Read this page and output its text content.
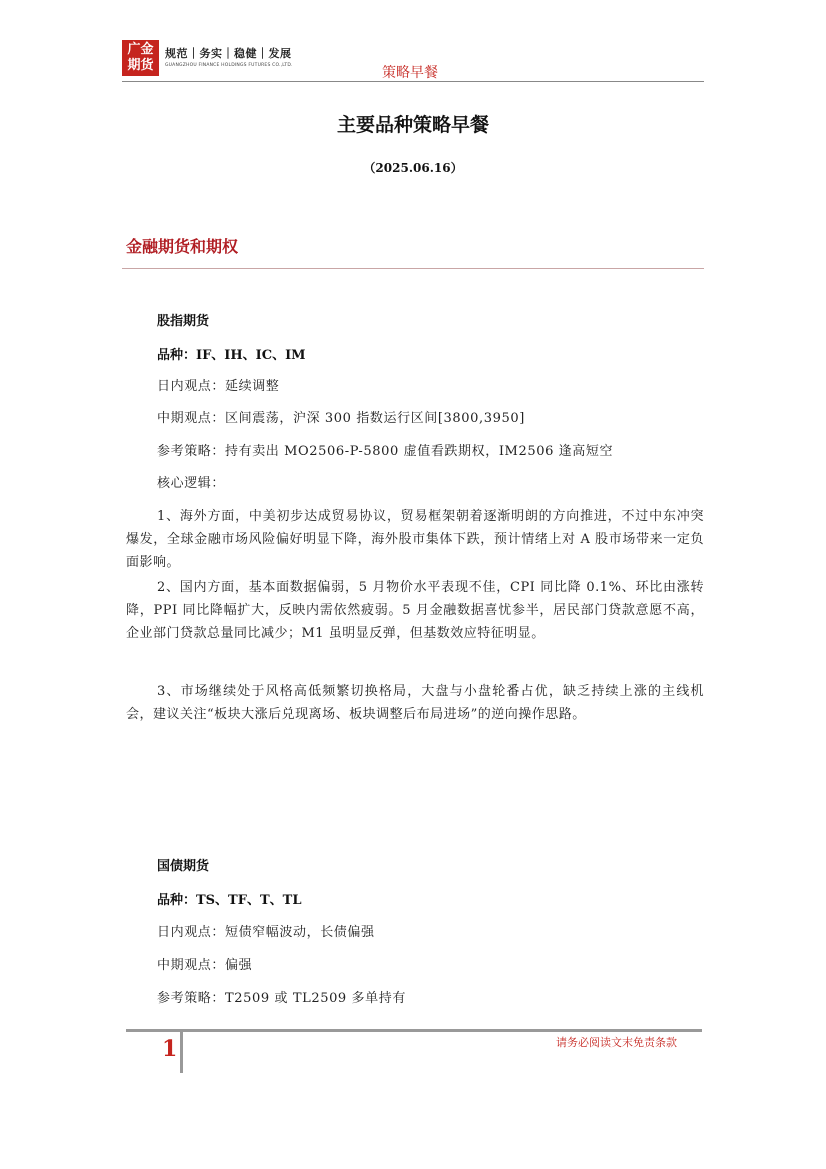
广金
期货
规范｜务实｜稳健｜发展
GUANGZHOU FINANCE HOLDINGS FUTURES CO.,LTD.	策略早餐
主要品种策略早餐
（2025.06.16）
金融期货和期权
股指期货
品种：IF、IH、IC、IM
日内观点：延续调整
中期观点：区间震荡，沪深 300 指数运行区间[3800,3950]
参考策略：持有卖出 MO2506-P-5800 虚值看跌期权，IM2506 逢高短空
核心逻辑：
1、海外方面，中美初步达成贸易协议，贸易框架朝着逐渐明朗的方向推进，不过中东冲突爆发，全球金融市场风险偏好明显下降，海外股市集体下跌，预计情绪上对 A 股市场带来一定负面影响。
2、国内方面，基本面数据偏弱，5 月物价水平表现不佳，CPI 同比降 0.1%、环比由涨转降，PPI 同比降幅扩大，反映内需依然疲弱。5 月金融数据喜忧参半，居民部门贷款意愿不高，企业部门贷款总量同比减少；M1 虽明显反弹，但基数效应特征明显。
3、市场继续处于风格高低频繁切换格局，大盘与小盘轮番占优，缺乏持续上涨的主线机会，建议关注“板块大涨后兑现离场、板块调整后布局进场”的逆向操作思路。
国债期货
品种：TS、TF、T、TL
日内观点：短债窄幅波动，长债偏强
中期观点：偏强
参考策略：T2509 或 TL2509 多单持有
1	请务必阅读文末免责条款
